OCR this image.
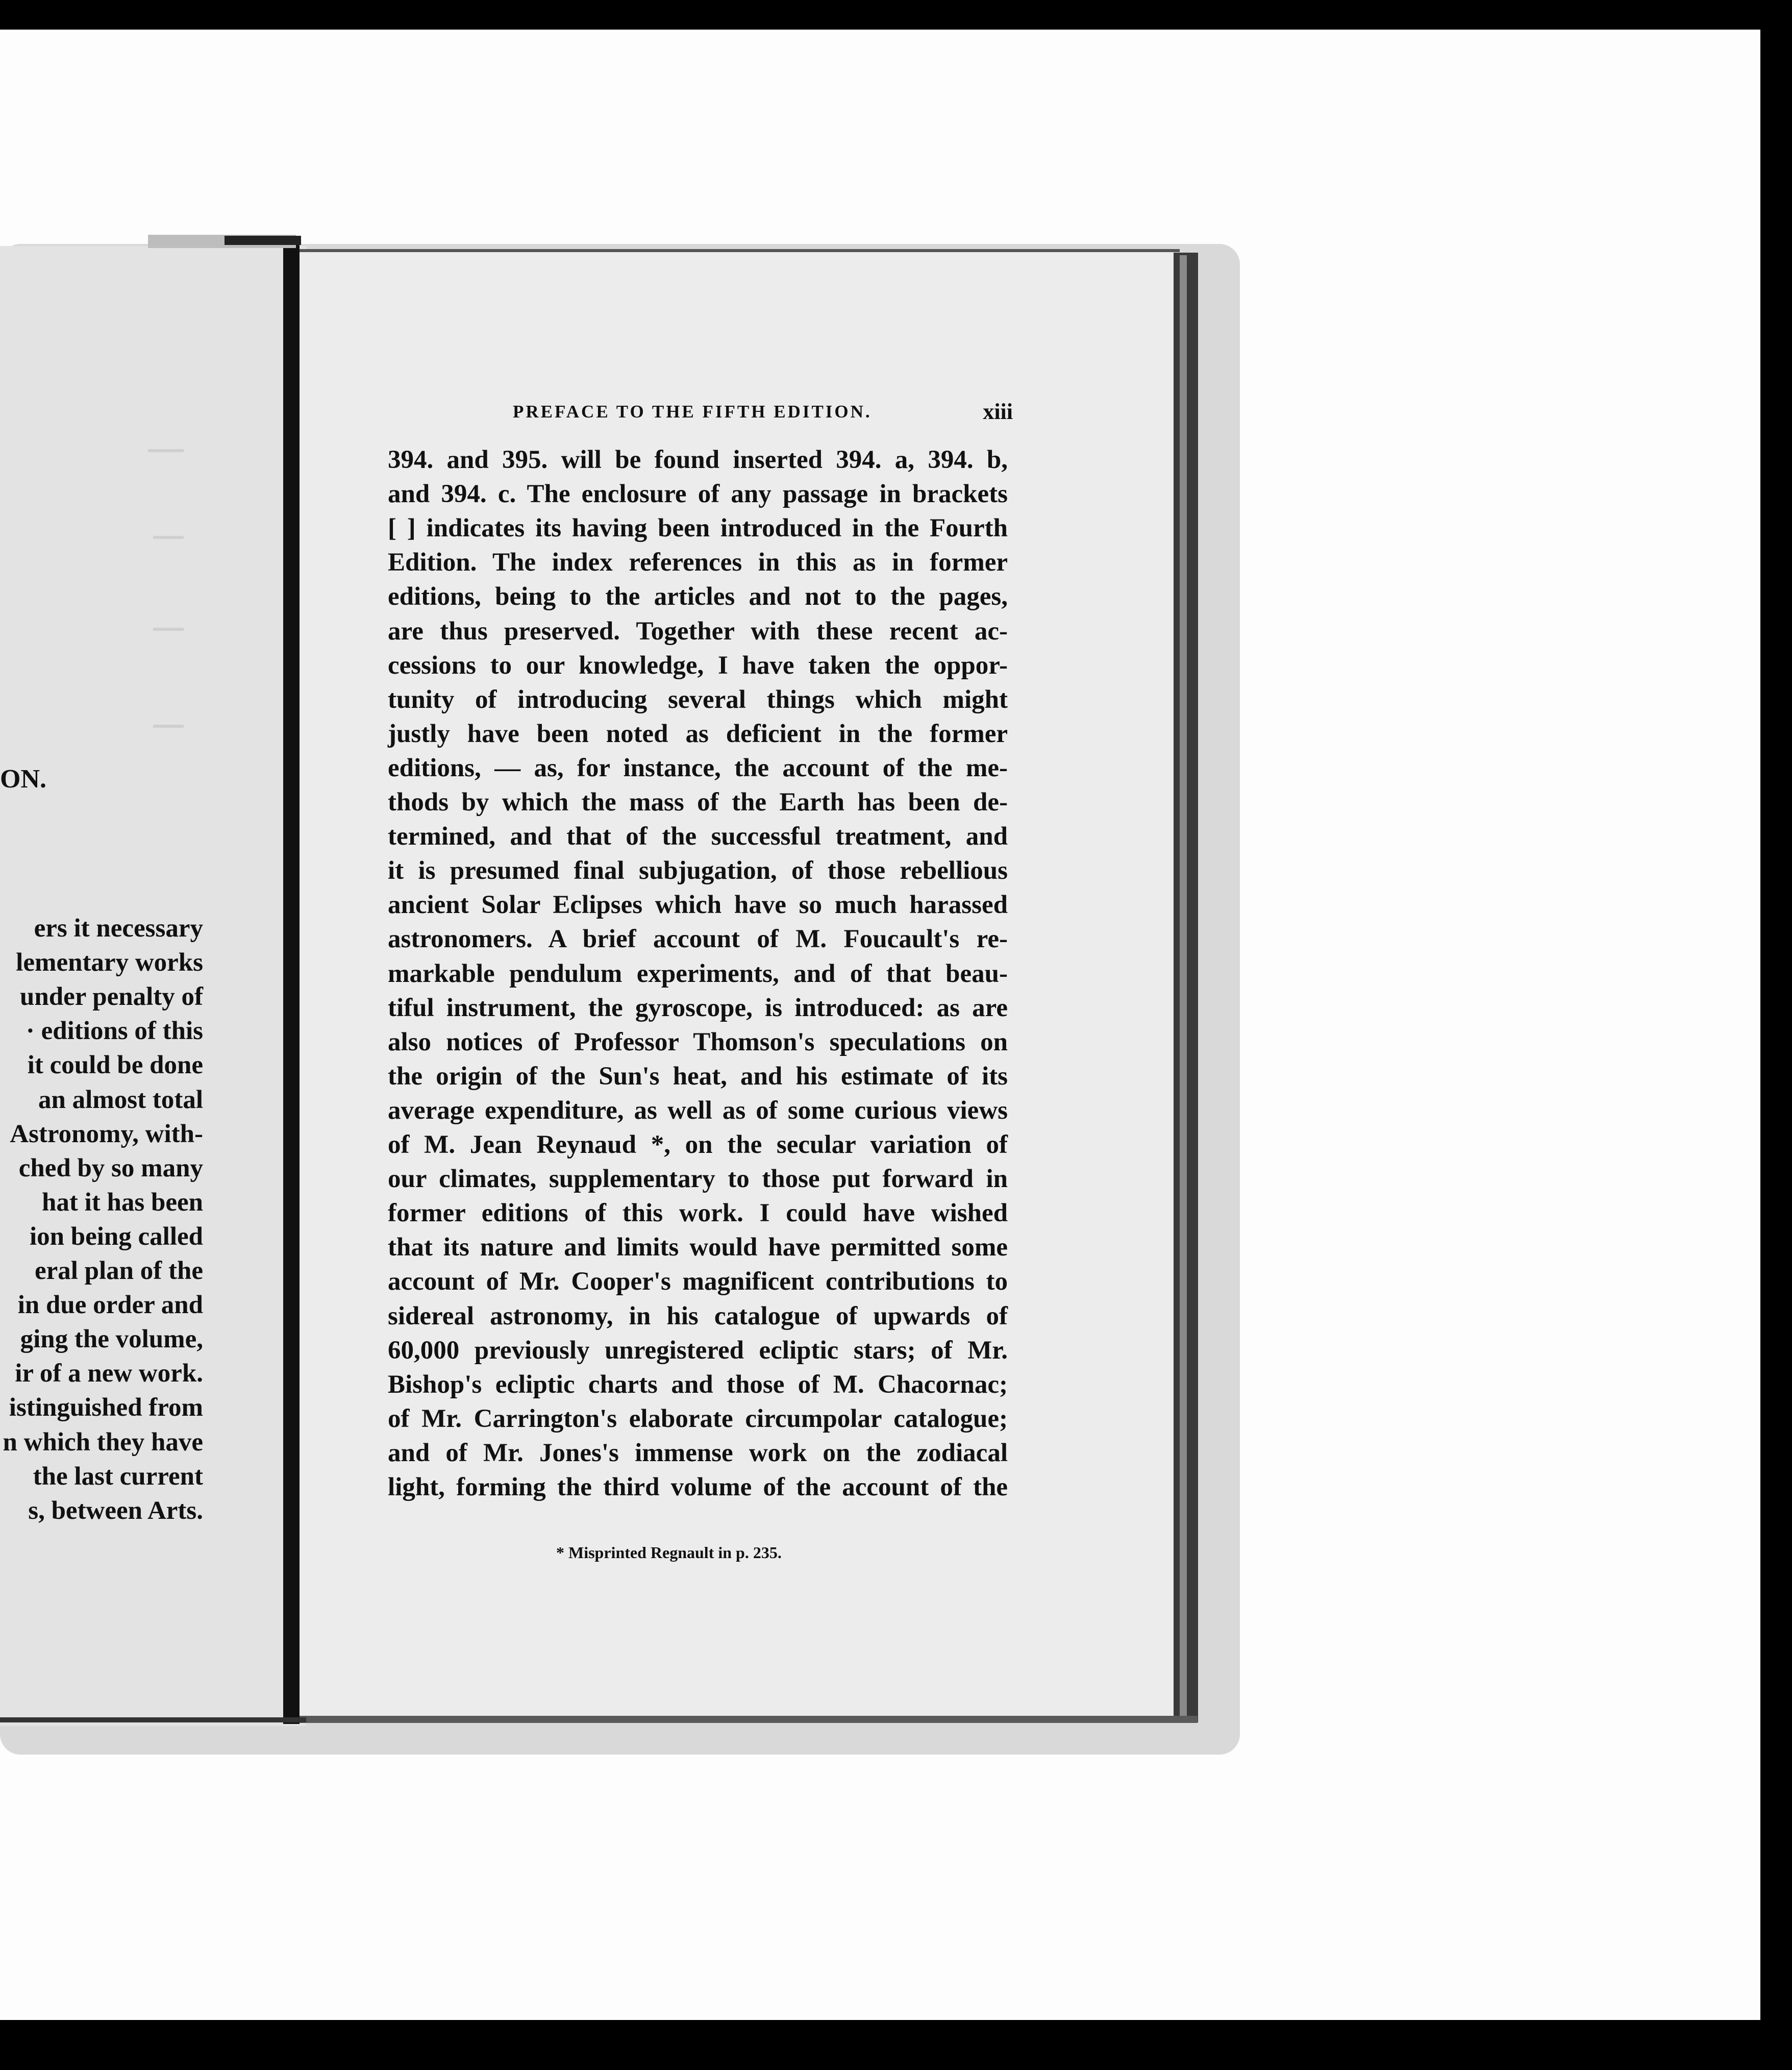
PREFACE TO THE FIFTH EDITION.	xiii
394. and 395. will be found inserted 394. a, 394. b,
and 394. c. The enclosure of any passage in brackets
[ ] indicates its having been introduced in the Fourth
Edition. The index references in this as in former
editions, being to the articles and not to the pages,
are thus preserved. Together with these recent ac-
cessions to our knowledge, I have taken the oppor-
tunity of introducing several things which might
justly have been noted as deficient in the former
editions, — as, for instance, the account of the me-
thods by which the mass of the Earth has been de-
termined, and that of the successful treatment, and
it is presumed final subjugation, of those rebellious
ancient Solar Eclipses which have so much harassed
astronomers. A brief account of M. Foucault's re-
markable pendulum experiments, and of that beau-
tiful instrument, the gyroscope, is introduced: as are
also notices of Professor Thomson's speculations on
the origin of the Sun's heat, and his estimate of its
average expenditure, as well as of some curious views
of M. Jean Reynaud *, on the secular variation of
our climates, supplementary to those put forward in
former editions of this work. I could have wished
that its nature and limits would have permitted some
account of Mr. Cooper's magnificent contributions to
sidereal astronomy, in his catalogue of upwards of
60,000 previously unregistered ecliptic stars; of Mr.
Bishop's ecliptic charts and those of M. Chacornac;
of Mr. Carrington's elaborate circumpolar catalogue;
and of Mr. Jones's immense work on the zodiacal
light, forming the third volume of the account of the
* Misprinted Regnault in p. 235.
ON.
ers it necessary
lementary works
under penalty of
· editions of this
it could be done
an almost total
Astronomy, with-
ched by so many
hat it has been
ion being called
eral plan of the
in due order and
ging the volume,
ir of a new work.
istinguished from
n which they have
the last current
s, between Arts.
